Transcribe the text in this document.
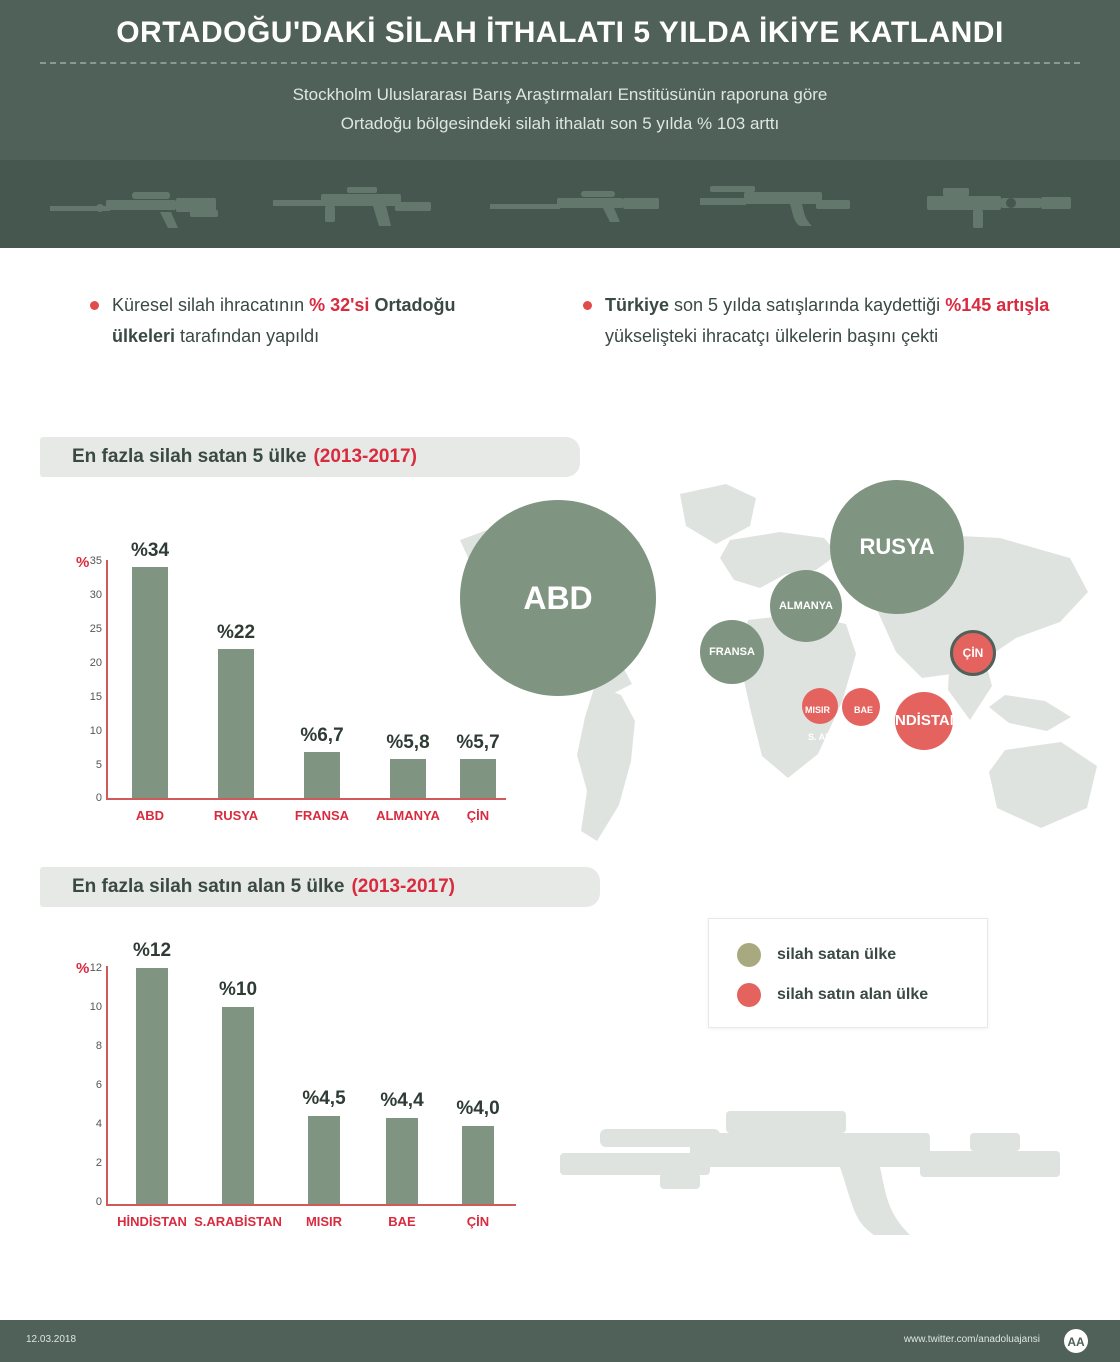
ORTADOĞU'DAKİ SİLAH İTHALATI 5 YILDA İKİYE KATLANDI
Stockholm Uluslararası Barış Araştırmaları Enstitüsünün raporuna göre
Ortadoğu bölgesindeki silah ithalatı son 5 yılda % 103 arttı
Küresel silah ihracatının % 32'si Ortadoğu ülkeleri tarafından yapıldı
Türkiye son 5 yılda satışlarında kaydettiği %145 artışla yükselişteki ihracatçı ülkelerin başını çekti
ABD
RUSYA
ALMANYA
FRANSA	ÇİN
MISIR	BAE
S. ARABİSTAN
HİNDİSTAN
En fazla silah satan 5 ülke (2013-2017)
% 35
30
25
20
15
10
5
0
%34
%22
%6,7	%5,8	%5,7
ABD	RUSYA	FRANSA	ALMANYA	ÇİN
En fazla silah satın alan 5 ülke (2013-2017)
% 12
10
8
6
4
2
0
%12
%10
%4,5	%4,4	%4,0
HİNDİSTAN S.ARABİSTAN	MISIR	BAE	ÇİN
silah satan ülke
silah satın alan ülke
12.03.2018	www.twitter.com/anadoluajansi AA
